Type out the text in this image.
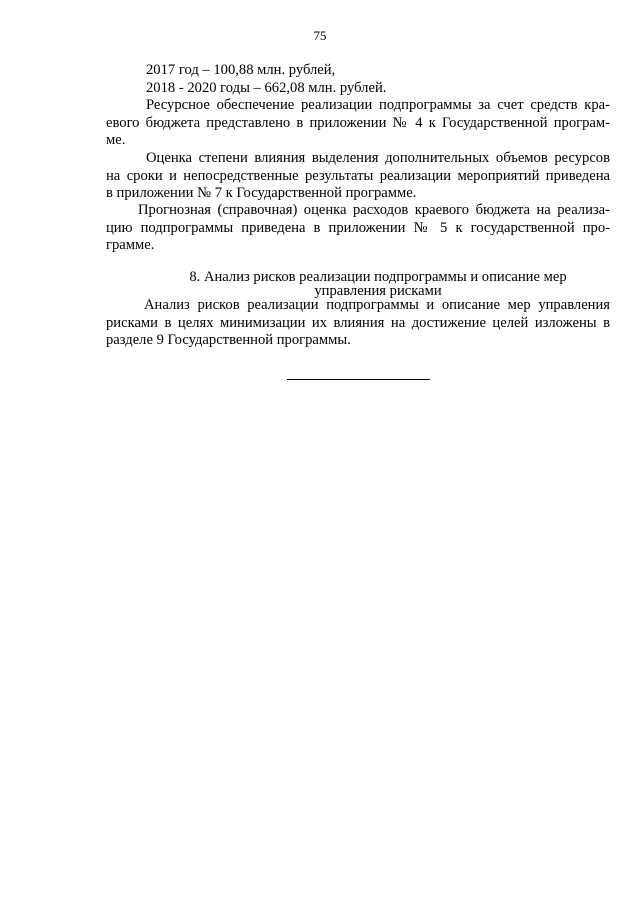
75
2017 год – 100,88 млн. рублей,
2018 - 2020 годы – 662,08 млн. рублей.
Ресурсное обеспечение реализации подпрограммы за счет средств кра-
евого бюджета представлено в приложении № 4 к Государственной програм-
ме.
Оценка степени влияния выделения дополнительных объемов ресурсов
на сроки и непосредственные результаты реализации мероприятий приведена
в приложении № 7 к Государственной программе.
Прогнозная (справочная) оценка расходов краевого бюджета на реализа-
цию подпрограммы приведена в приложении № 5 к государственной про-
грамме.
8. Анализ рисков реализации подпрограммы и описание мер
управления рисками
Анализ рисков реализации подпрограммы и описание мер управления
рисками в целях минимизации их влияния на достижение целей изложены в
разделе 9 Государственной программы.
